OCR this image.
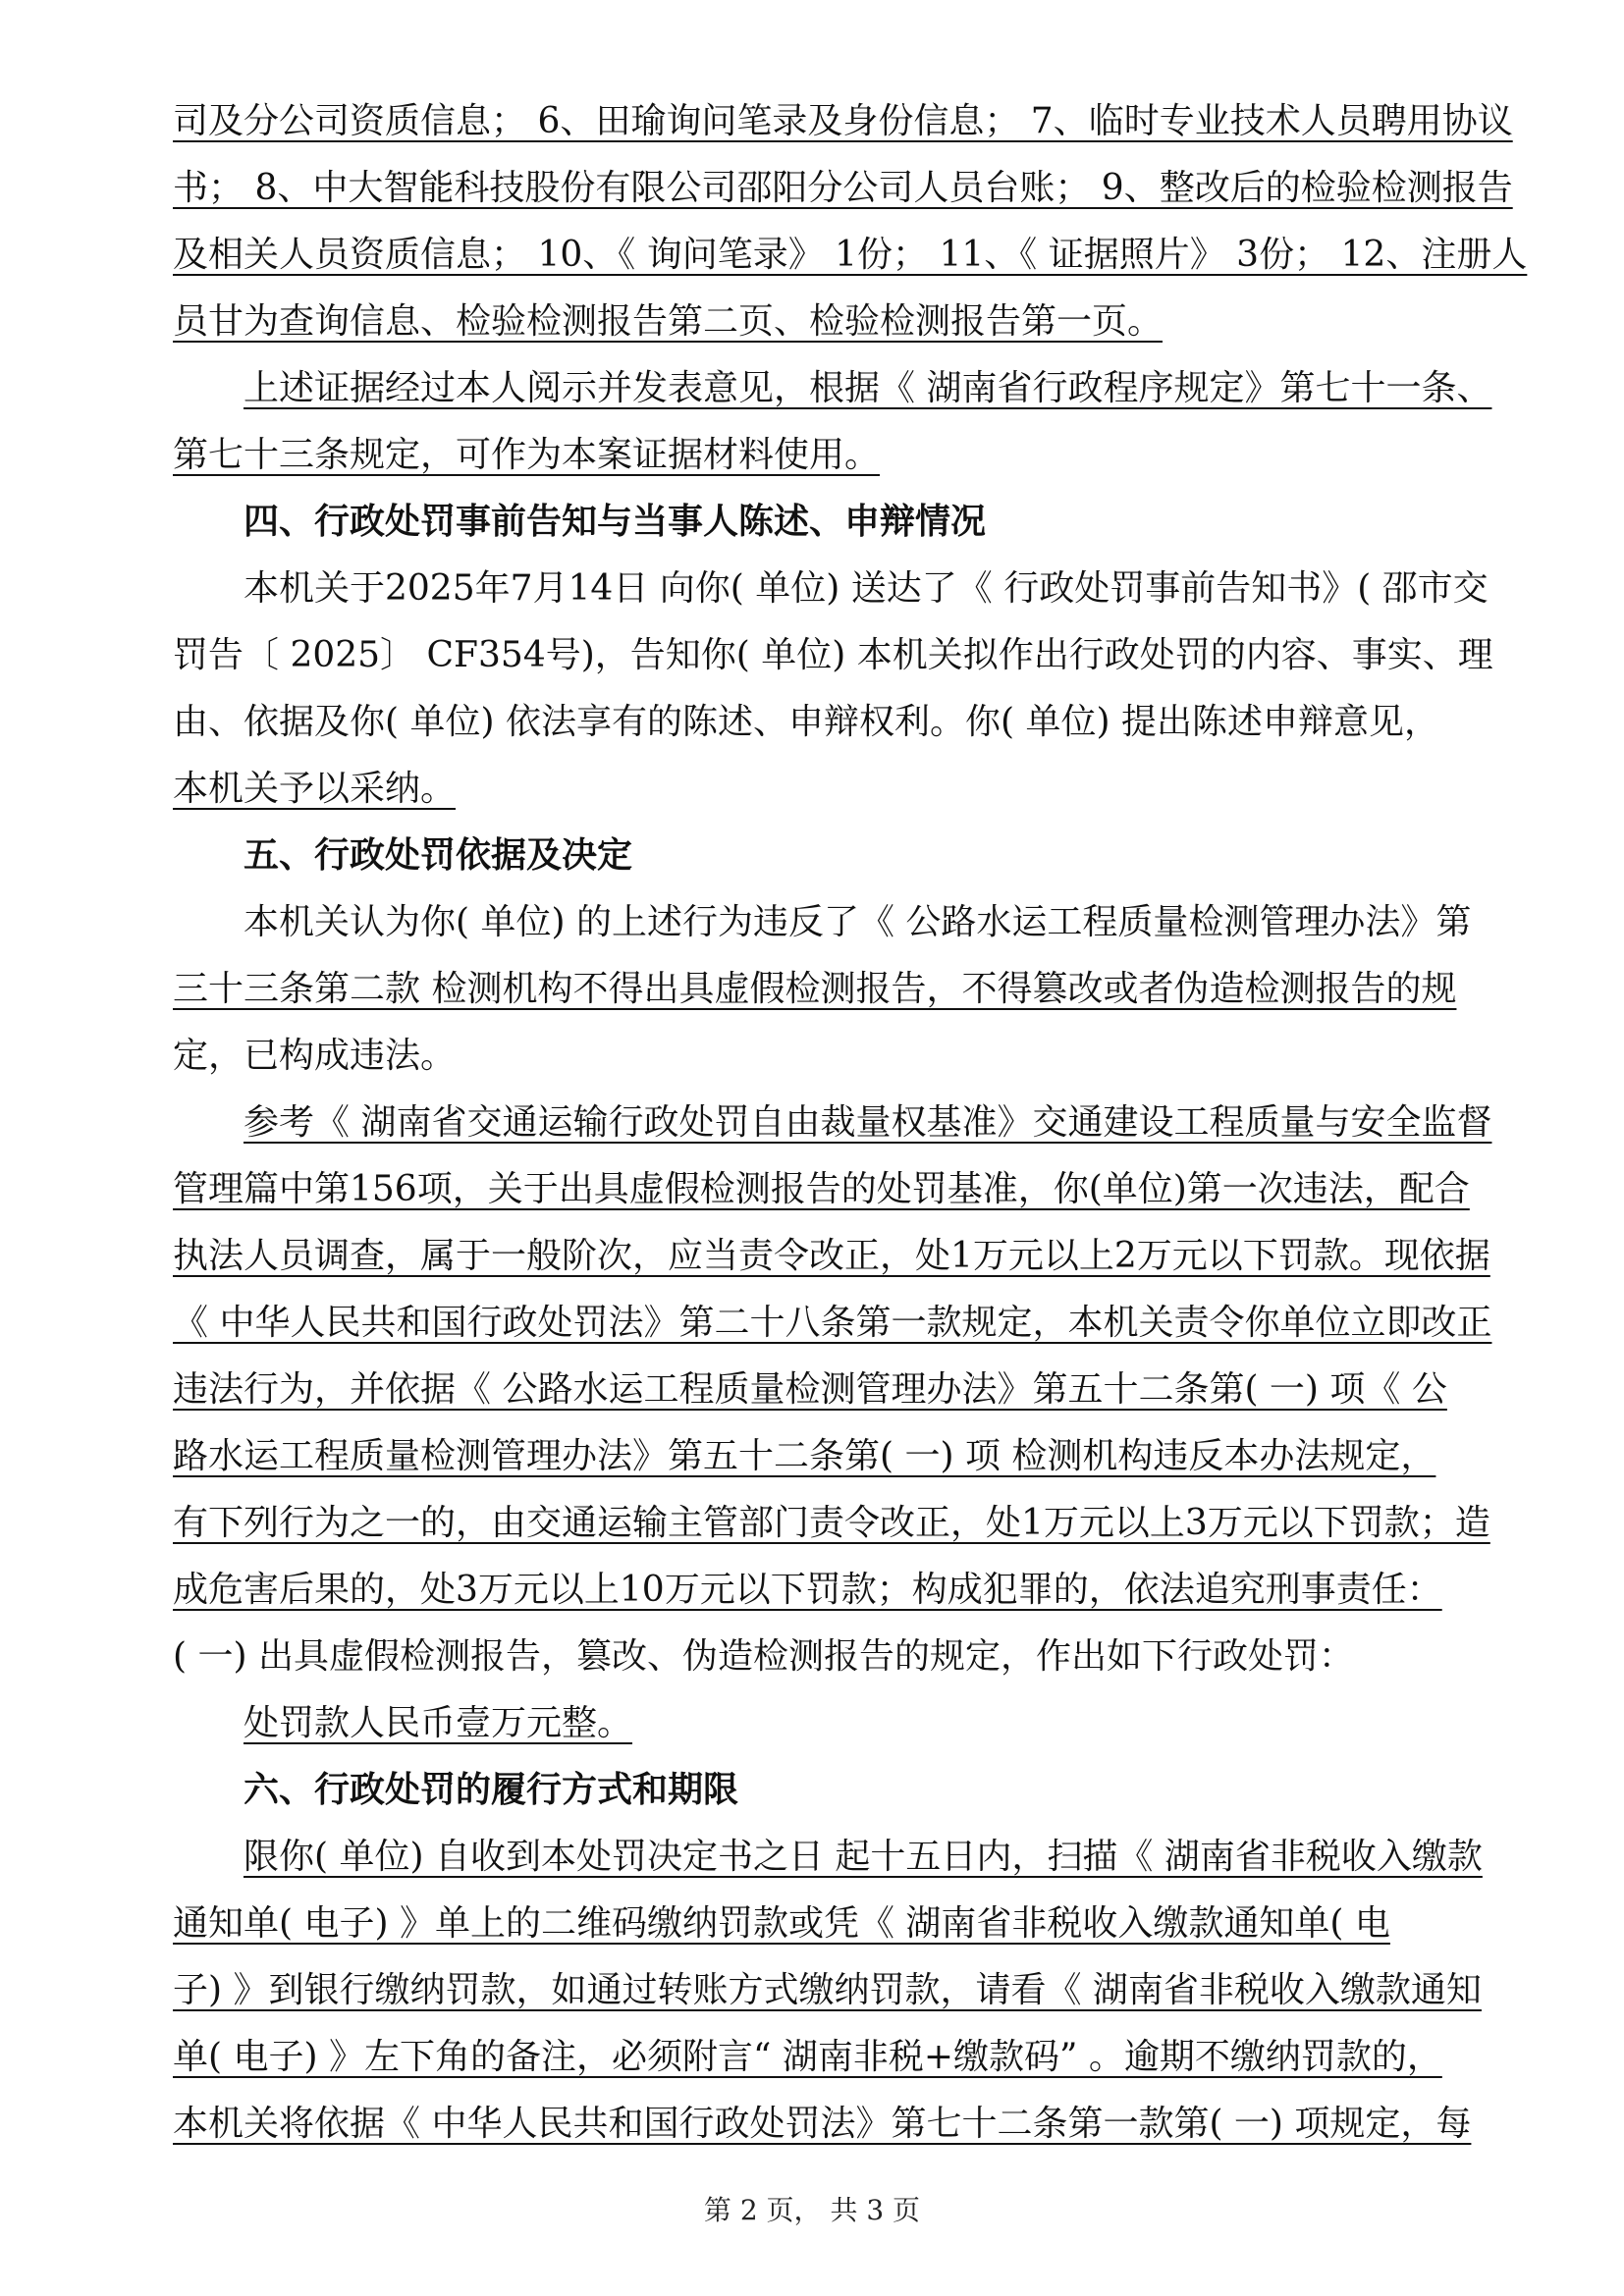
司及分公司资质信息； 6、田瑜询问笔录及身份信息； 7、临时专业技术人员聘用协议
书； 8、中大智能科技股份有限公司邵阳分公司人员台账； 9、整改后的检验检测报告
及相关人员资质信息； 10、《 询问笔录》 1份； 11、《 证据照片》 3份； 12、注册人
员甘为查询信息、检验检测报告第二页、检验检测报告第一页。
上述证据经过本人阅示并发表意见，根据《 湖南省行政程序规定》第七十一条、
第七十三条规定，可作为本案证据材料使用。
四、行政处罚事前告知与当事人陈述、申辩情况
本机关于2025年7月14日 向你( 单位) 送达了《 行政处罚事前告知书》( 邵市交
罚告〔 2025〕 CF354号)，告知你( 单位) 本机关拟作出行政处罚的内容、事实、理
由、依据及你( 单位) 依法享有的陈述、申辩权利。你( 单位) 提出陈述申辩意见，
本机关予以采纳。
五、行政处罚依据及决定
本机关认为你( 单位) 的上述行为违反了《 公路水运工程质量检测管理办法》第
三十三条第二款 检测机构不得出具虚假检测报告，不得篡改或者伪造检测报告的规
定，已构成违法。
参考《 湖南省交通运输行政处罚自由裁量权基准》交通建设工程质量与安全监督
管理篇中第156项，关于出具虚假检测报告的处罚基准，你(单位)第一次违法，配合
执法人员调查，属于一般阶次，应当责令改正，处1万元以上2万元以下罚款。现依据
《 中华人民共和国行政处罚法》第二十八条第一款规定，本机关责令你单位立即改正
违法行为，并依据《 公路水运工程质量检测管理办法》第五十二条第( 一) 项《 公
路水运工程质量检测管理办法》第五十二条第( 一) 项 检测机构违反本办法规定，
有下列行为之一的，由交通运输主管部门责令改正，处1万元以上3万元以下罚款；造
成危害后果的，处3万元以上10万元以下罚款；构成犯罪的，依法追究刑事责任：
( 一) 出具虚假检测报告，篡改、伪造检测报告的规定，作出如下行政处罚：
处罚款人民币壹万元整。
六、行政处罚的履行方式和期限
限你( 单位) 自收到本处罚决定书之日 起十五日内，扫描《 湖南省非税收入缴款
通知单( 电子) 》单上的二维码缴纳罚款或凭《 湖南省非税收入缴款通知单( 电
子) 》到银行缴纳罚款，如通过转账方式缴纳罚款，请看《 湖南省非税收入缴款通知
单( 电子) 》左下角的备注，必须附言“ 湖南非税+缴款码” 。逾期不缴纳罚款的，
本机关将依据《 中华人民共和国行政处罚法》第七十二条第一款第( 一) 项规定，每
第 2 页， 共 3 页
